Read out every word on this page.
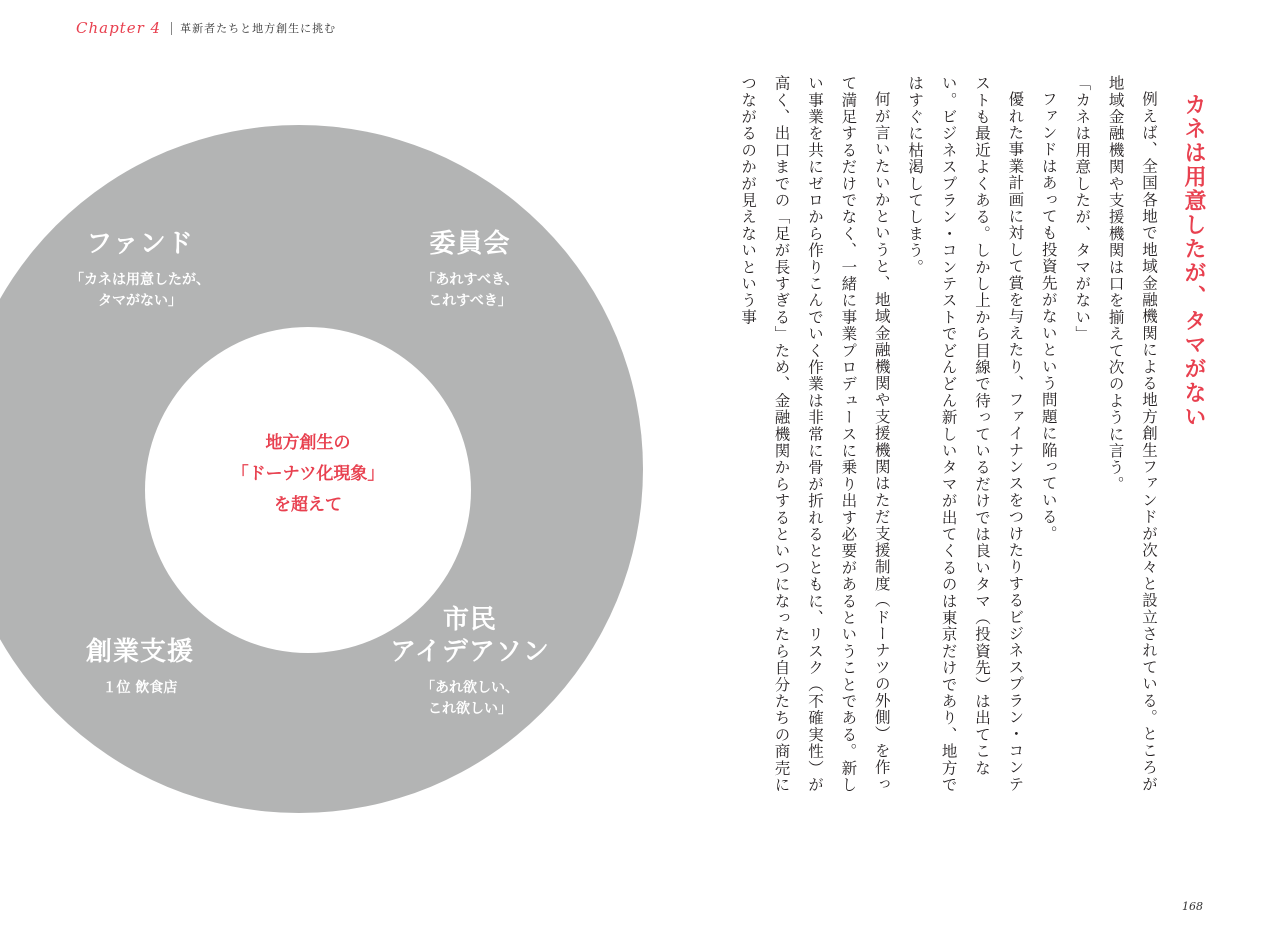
Chapter 4 革新者たちと地方創生に挑む
ファンド
「カネは用意したが、
タマがない」
委員会
「あれすべき、
これすべき」
創業支援
１位 飲食店
市民
アイデアソン
「あれ欲しい、
これ欲しい」
地方創生の
「ドーナツ化現象」
を超えて
カネは用意したが、タマがない

例えば、全国各地で地域金融機関による地方創生ファンドが次々と設立されている。ところが地域金融機関や支援機関は口を揃えて次のように言う。

「カネは用意したが、タマがない」

ファンドはあっても投資先がないという問題に陥っている。

優れた事業計画に対して賞を与えたり、ファイナンスをつけたりするビジネスプラン・コンテストも最近よくある。しかし上から目線で待っているだけでは良いタマ（投資先）は出てこない。ビジネスプラン・コンテストでどんどん新しいタマが出てくるのは東京だけであり、地方ではすぐに枯渇してしまう。

何が言いたいかというと、地域金融機関や支援機関はただ支援制度（ドーナツの外側）を作って満足するだけでなく、一緒に事業プロデュースに乗り出す必要があるということである。新しい事業を共にゼロから作りこんでいく作業は非常に骨が折れるとともに、リスク（不確実性）が高く、出口までの「足が長すぎる」ため、金融機関からするといつになったら自分たちの商売につながるのかが見えないという事

168
